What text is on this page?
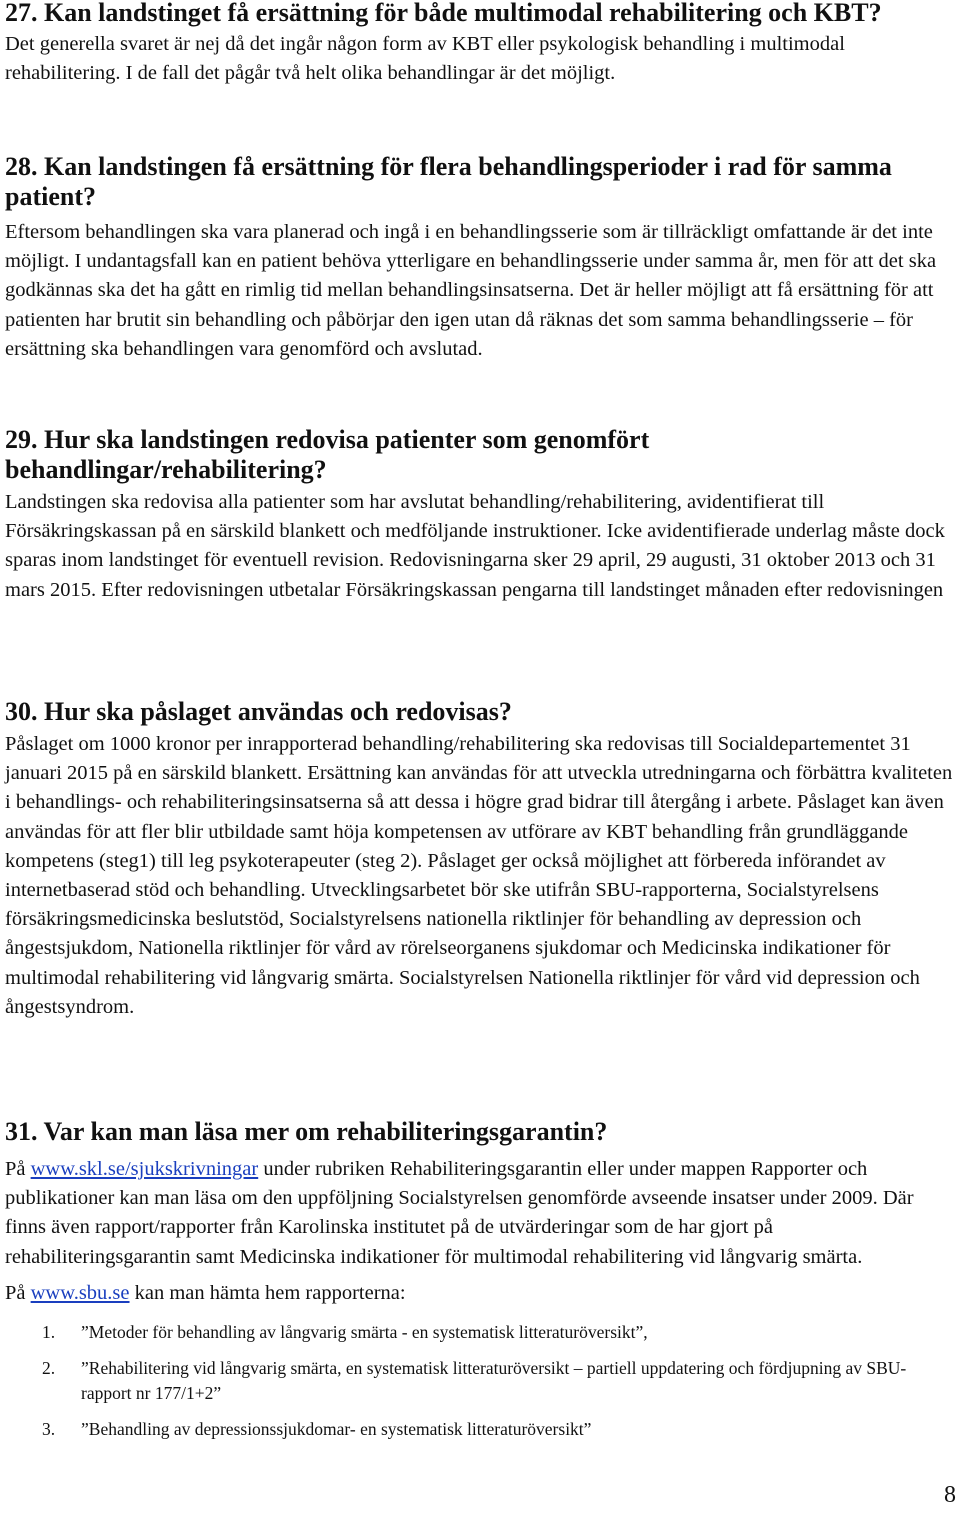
27. Kan landstinget få ersättning för både multimodal rehabilitering och KBT?

Det generella svaret är nej då det ingår någon form av KBT eller psykologisk behandling i multimodal rehabilitering. I de fall det pågår två helt olika behandlingar är det möjligt.

28. Kan landstingen få ersättning för flera behandlingsperioder i rad för samma patient?

Eftersom behandlingen ska vara planerad och ingå i en behandlingsserie som är tillräckligt omfattande är det inte möjligt. I undantagsfall kan en patient behöva ytterligare en behandlingsserie under samma år, men för att det ska godkännas ska det ha gått en rimlig tid mellan behandlingsinsatserna. Det är heller möjligt att få ersättning för att patienten har brutit sin behandling och påbörjar den igen utan då räknas det som samma behandlingsserie – för ersättning ska behandlingen vara genomförd och avslutad.

29. Hur ska landstingen redovisa patienter som genomfört behandlingar/rehabilitering?

Landstingen ska redovisa alla patienter som har avslutat behandling/rehabilitering, avidentifierat till Försäkringskassan på en särskild blankett och medföljande instruktioner. Icke avidentifierade underlag måste dock sparas inom landstinget för eventuell revision. Redovisningarna sker 29 april, 29 augusti, 31 oktober 2013 och 31 mars 2015. Efter redovisningen utbetalar Försäkringskassan pengarna till landstinget månaden efter redovisningen

30. Hur ska påslaget användas och redovisas?

Påslaget om 1000 kronor per inrapporterad behandling/rehabilitering ska redovisas till Socialdepartementet 31 januari 2015 på en särskild blankett. Ersättning kan användas för att utveckla utredningarna och förbättra kvaliteten i behandlings- och rehabiliteringsinsatserna så att dessa i högre grad bidrar till återgång i arbete. Påslaget kan även användas för att fler blir utbildade samt höja kompetensen av utförare av KBT behandling från grundläggande kompetens (steg1) till leg psykoterapeuter (steg 2). Påslaget ger också möjlighet att förbereda införandet av internetbaserad stöd och behandling. Utvecklingsarbetet bör ske utifrån SBU-rapporterna, Socialstyrelsens försäkringsmedicinska beslutstöd, Socialstyrelsens nationella riktlinjer för behandling av depression och ångestsjukdom, Nationella riktlinjer för vård av rörelseorganens sjukdomar och Medicinska indikationer för multimodal rehabilitering vid långvarig smärta. Socialstyrelsen Nationella riktlinjer för vård vid depression och ångestsyndrom.

31. Var kan man läsa mer om rehabiliteringsgarantin?

På www.skl.se/sjukskrivningar under rubriken Rehabiliteringsgarantin eller under mappen Rapporter och publikationer kan man läsa om den uppföljning Socialstyrelsen genomförde avseende insatser under 2009. Där finns även rapport/rapporter från Karolinska institutet på de utvärderingar som de har gjort på rehabiliteringsgarantin samt Medicinska indikationer för multimodal rehabilitering vid långvarig smärta.

På www.sbu.se kan man hämta hem rapporterna:

1. ”Metoder för behandling av långvarig smärta - en systematisk litteraturöversikt”,
2. ”Rehabilitering vid långvarig smärta, en systematisk litteraturöversikt – partiell uppdatering och fördjupning av SBU- rapport nr 177/1+2”
3. ”Behandling av depressionssjukdomar- en systematisk litteraturöversikt”
8
